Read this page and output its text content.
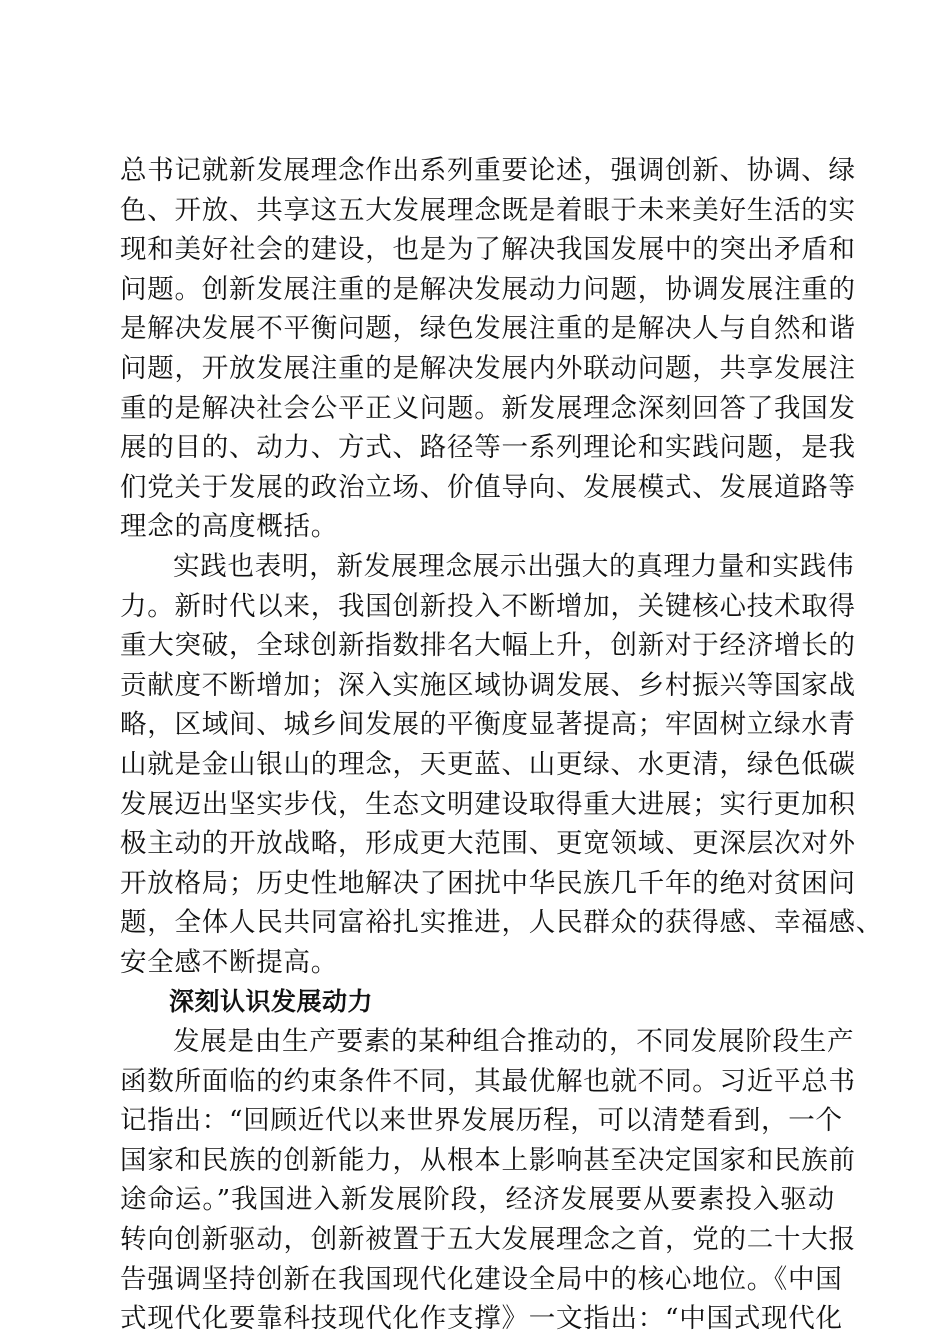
总书记就新发展理念作出系列重要论述，强调创新、协调、绿
色、开放、共享这五大发展理念既是着眼于未来美好生活的实
现和美好社会的建设，也是为了解决我国发展中的突出矛盾和
问题。创新发展注重的是解决发展动力问题，协调发展注重的
是解决发展不平衡问题，绿色发展注重的是解决人与自然和谐
问题，开放发展注重的是解决发展内外联动问题，共享发展注
重的是解决社会公平正义问题。新发展理念深刻回答了我国发
展的目的、动力、方式、路径等一系列理论和实践问题，是我
们党关于发展的政治立场、价值导向、发展模式、发展道路等
理念的高度概括。
实践也表明，新发展理念展示出强大的真理力量和实践伟
力。新时代以来，我国创新投入不断增加，关键核心技术取得
重大突破，全球创新指数排名大幅上升，创新对于经济增长的
贡献度不断增加；深入实施区域协调发展、乡村振兴等国家战
略，区域间、城乡间发展的平衡度显著提高；牢固树立绿水青
山就是金山银山的理念，天更蓝、山更绿、水更清，绿色低碳
发展迈出坚实步伐，生态文明建设取得重大进展；实行更加积
极主动的开放战略，形成更大范围、更宽领域、更深层次对外
开放格局；历史性地解决了困扰中华民族几千年的绝对贫困问
题，全体人民共同富裕扎实推进，人民群众的获得感、幸福感、
安全感不断提高。
深刻认识发展动力
发展是由生产要素的某种组合推动的，不同发展阶段生产
函数所面临的约束条件不同，其最优解也就不同。习近平总书
记指出：“回顾近代以来世界发展历程，可以清楚看到，一个
国家和民族的创新能力，从根本上影响甚至决定国家和民族前
途命运。”我国进入新发展阶段，经济发展要从要素投入驱动
转向创新驱动，创新被置于五大发展理念之首，党的二十大报
告强调坚持创新在我国现代化建设全局中的核心地位。《中国
式现代化要靠科技现代化作支撑》一文指出：“中国式现代化
